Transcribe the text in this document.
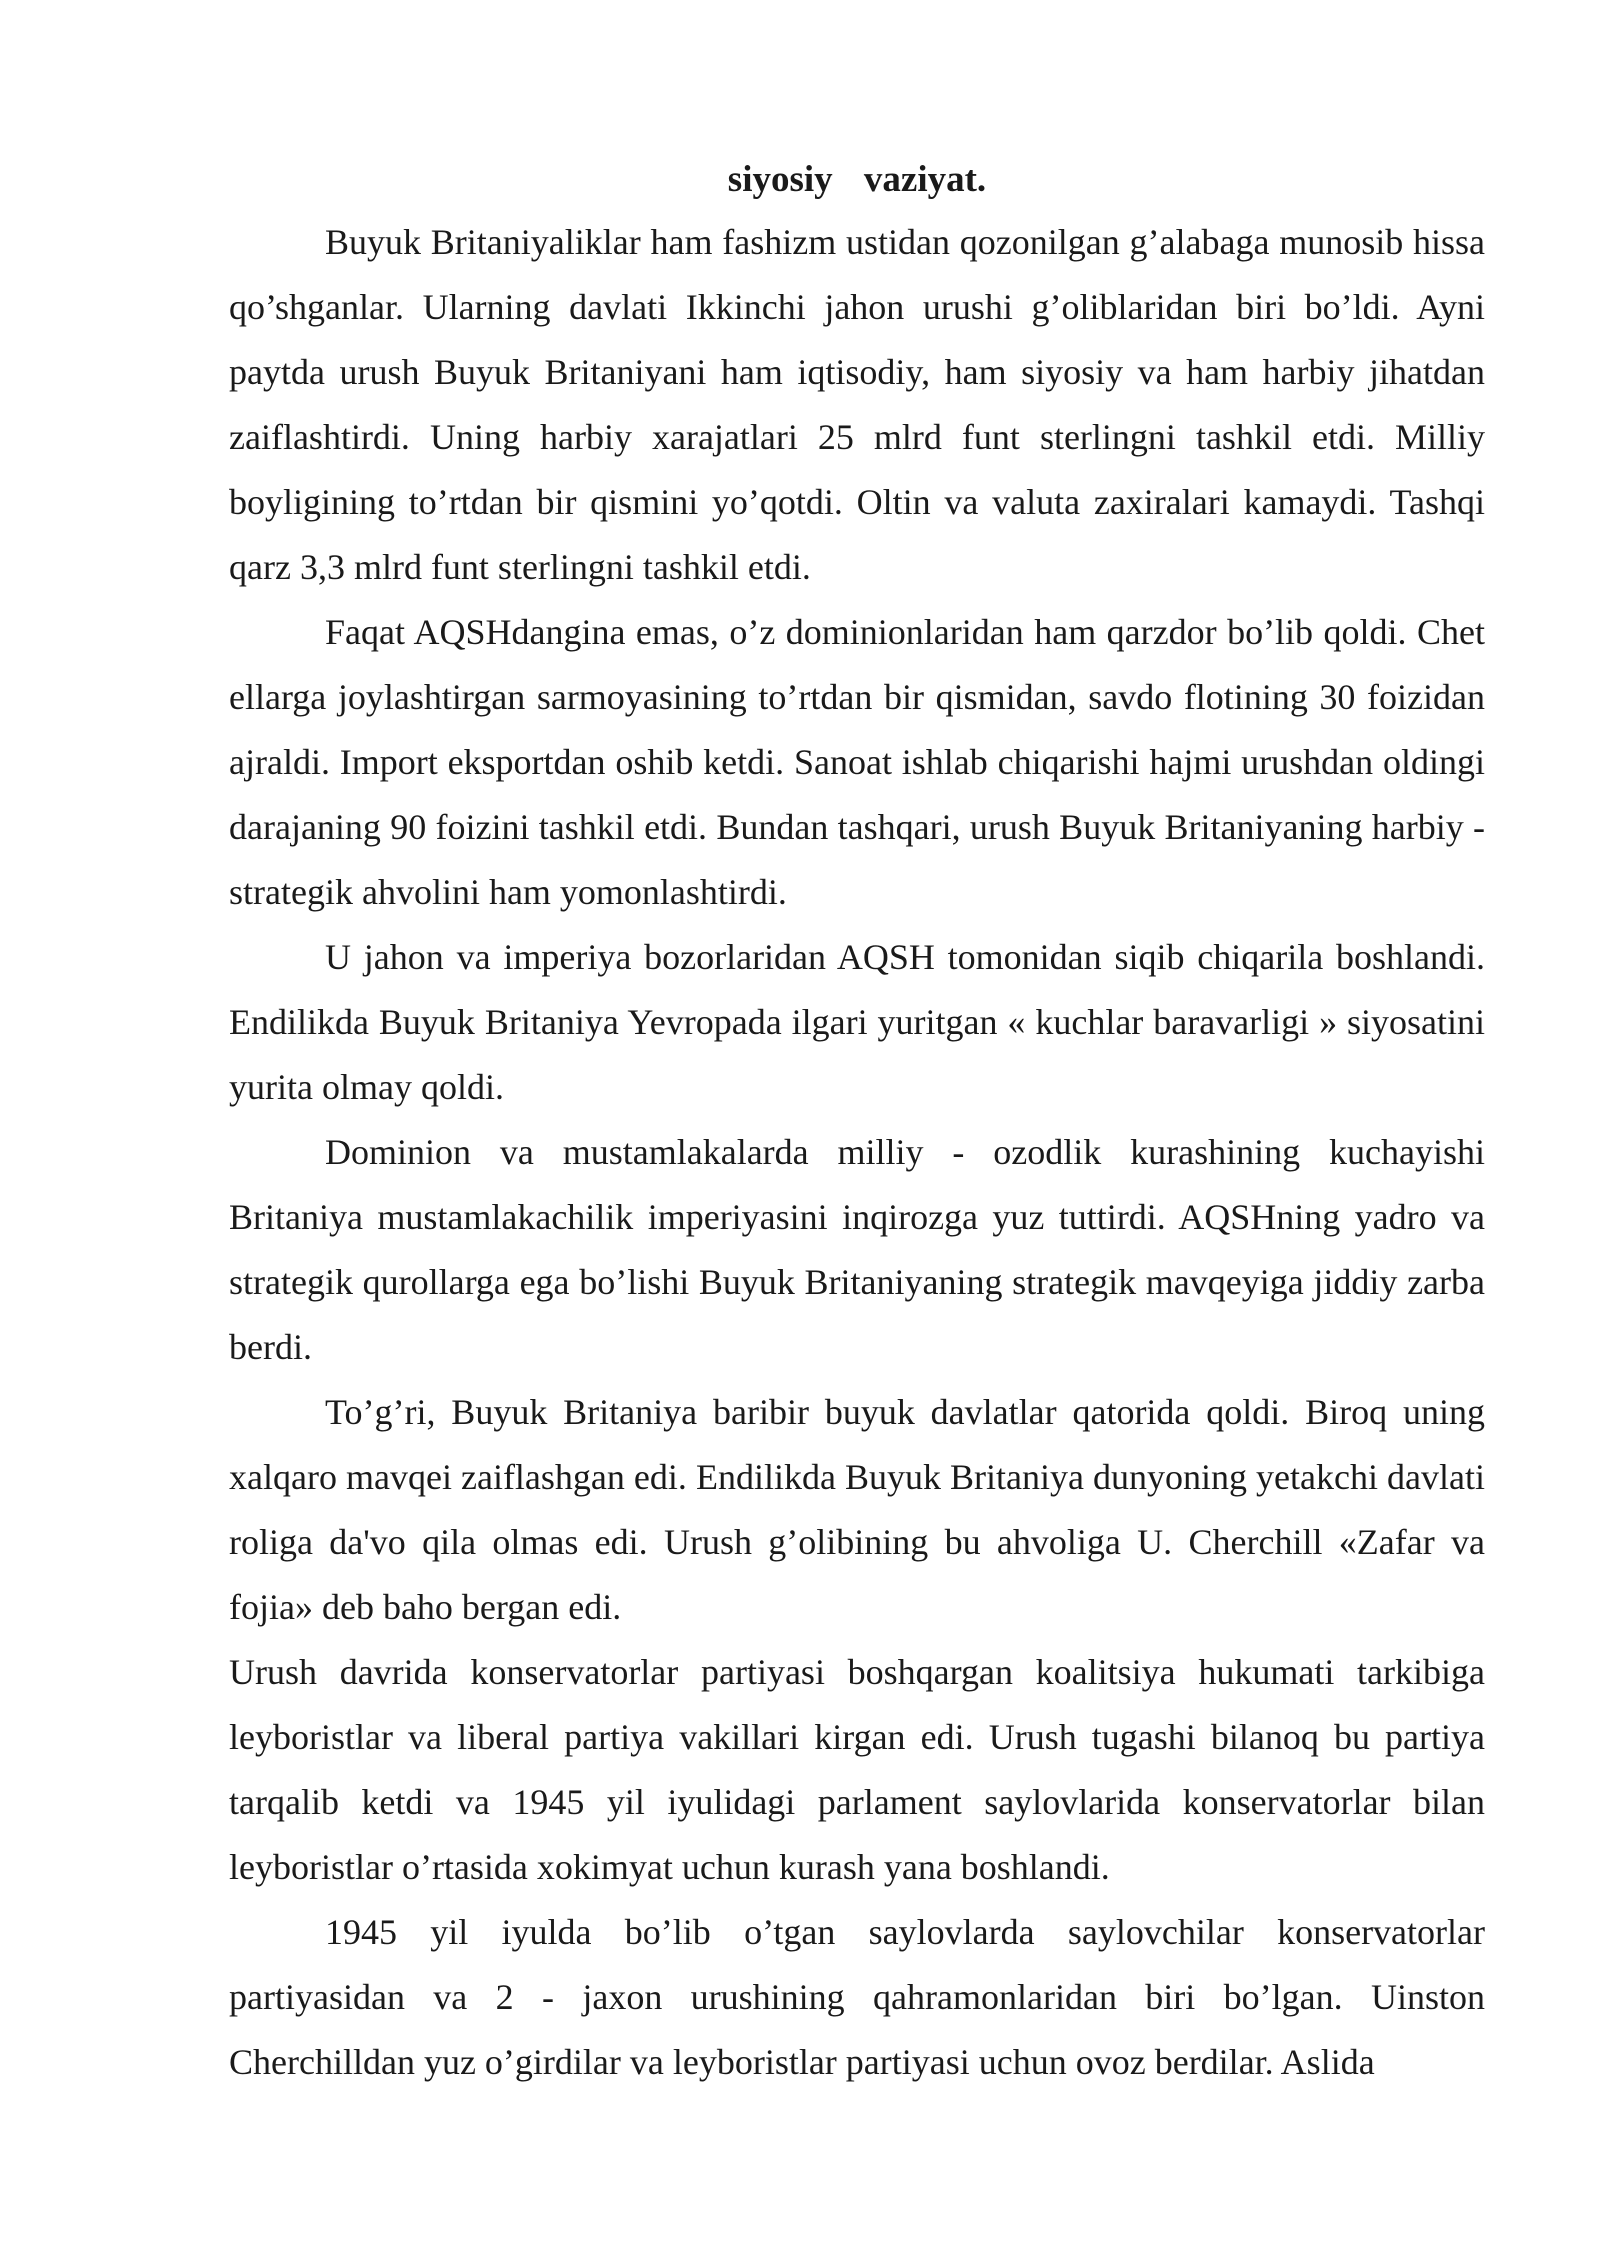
siyosiy vaziyat.

Buyuk Britaniyaliklar ham fashizm ustidan qozonilgan g’alabaga munosib hissa qo’shganlar. Ularning davlati Ikkinchi jahon urushi g’oliblaridan biri bo’ldi. Ayni paytda urush Buyuk Britaniyani ham iqtisodiy, ham siyosiy va ham harbiy jihatdan zaiflashtirdi. Uning harbiy xarajatlari 25 mlrd funt sterlingni tashkil etdi. Milliy boyligining to’rtdan bir qismini yo’qotdi. Oltin va valuta zaxiralari kamaydi. Tashqi qarz 3,3 mlrd funt sterlingni tashkil etdi.

Faqat AQSHdangina emas, o’z dominionlaridan ham qarzdor bo’lib qoldi. Chet ellarga joylashtirgan sarmoyasining to’rtdan bir qismidan, savdo flotining 30 foizidan ajraldi. Import eksportdan oshib ketdi. Sanoat ishlab chiqarishi hajmi urushdan oldingi darajaning 90 foizini tashkil etdi. Bundan tashqari, urush Buyuk Britaniyaning harbiy - strategik ahvolini ham yomonlashtirdi.

U jahon va imperiya bozorlaridan AQSH tomonidan siqib chiqarila boshlandi. Endilikda Buyuk Britaniya Yevropada ilgari yuritgan « kuchlar baravarligi » siyosatini yurita olmay qoldi.

Dominion va mustamlakalarda milliy - ozodlik kurashining kuchayishi Britaniya mustamlakachilik imperiyasini inqirozga yuz tuttirdi. AQSHning yadro va strategik qurollarga ega bo’lishi Buyuk Britaniyaning strategik mavqeyiga jiddiy zarba berdi.

To’g’ri, Buyuk Britaniya baribir buyuk davlatlar qatorida qoldi. Biroq uning xalqaro mavqei zaiflashgan edi. Endilikda Buyuk Britaniya dunyoning yetakchi davlati roliga da'vo qila olmas edi. Urush g’olibining bu ahvoliga U. Cherchill «Zafar va fojia» deb baho bergan edi.

Urush davrida konservatorlar partiyasi boshqargan koalitsiya hukumati tarkibiga leyboristlar va liberal partiya vakillari kirgan edi. Urush tugashi bilanoq bu partiya tarqalib ketdi va 1945 yil iyulidagi parlament saylovlarida konservatorlar bilan leyboristlar o’rtasida xokimyat uchun kurash yana boshlandi.

1945 yil iyulda bo’lib o’tgan saylovlarda saylovchilar konservatorlar partiyasidan va 2 - jaxon urushining qahramonlaridan biri bo’lgan. Uinston Cherchilldan yuz o’girdilar va leyboristlar partiyasi uchun ovoz berdilar. Aslida
